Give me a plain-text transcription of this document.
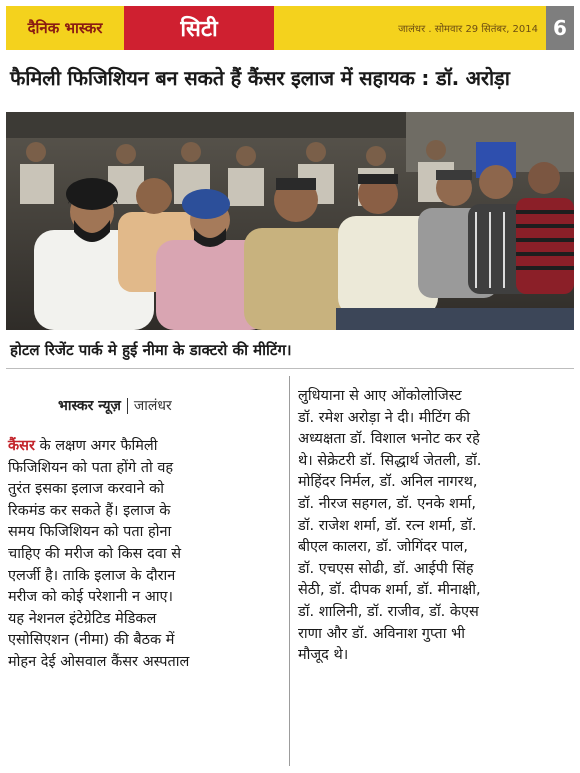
दैनिक भास्कर	सिटी	जालंधर . सोमवार 29 सितंबर, 2014 6
फैमिली फिजिशियन बन सकते हैं कैंसर इलाज में सहायक : डॉ. अरोड़ा
होटल रिजेंट पार्क मे हुई नीमा के डाक्टरो की मीटिंग।
भास्कर न्यूज़ जालंधर
कैंसर के लक्षण अगर फैमिली
फिजिशियन को पता होंगे तो वह
तुरंत इसका इलाज करवाने को
रिकमंड कर सकते हैं। इलाज के
समय फिजिशियन को पता होना
चाहिए की मरीज को किस दवा से
एलर्जी है। ताकि इलाज के दौरान
मरीज को कोई परेशानी न आए।
यह नेशनल इंटेग्रेटिड मेडिकल
एसोसिएशन (नीमा) की बैठक में
मोहन देई ओसवाल कैंसर अस्पताल
लुधियाना से आए ओंकोलोजिस्ट
डॉ. रमेश अरोड़ा ने दी। मीटिंग की
अध्यक्षता डॉ. विशाल भनोट कर रहे
थे। सेक्रेटरी डॉ. सिद्धार्थ जेतली, डॉ.
मोहिंदर निर्मल, डॉ. अनिल नागरथ,
डॉ. नीरज सहगल, डॉ. एनके शर्मा,
डॉ. राजेश शर्मा, डॉ. रत्न शर्मा, डॉ.
बीएल कालरा, डॉ. जोगिंदर पाल,
डॉ. एचएस सोढी, डॉ. आईपी सिंह
सेठी, डॉ. दीपक शर्मा, डॉ. मीनाक्षी,
डॉ. शालिनी, डॉ. राजीव, डॉ. केएस
राणा और डॉ. अविनाश गुप्ता भी
मौजूद थे।
